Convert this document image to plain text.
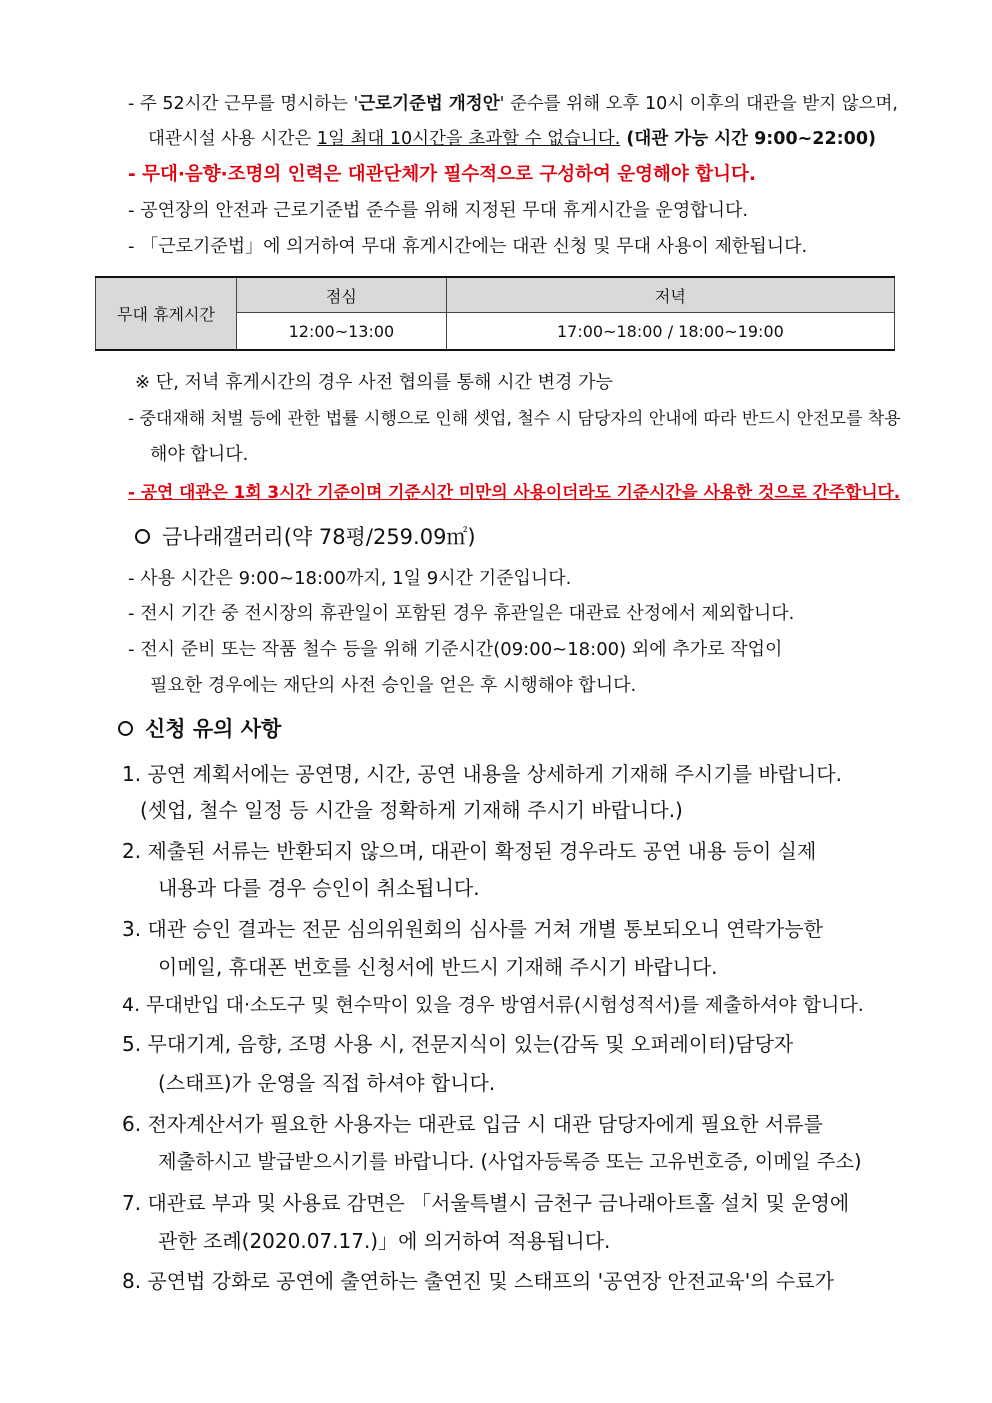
- 주 52시간 근무를 명시하는 '근로기준법 개정안' 준수를 위해 오후 10시 이후의 대관을 받지 않으며,
대관시설 사용 시간은 1일 최대 10시간을 초과할 수 없습니다. (대관 가능 시간 9:00~22:00)
- 무대·음향·조명의 인력은 대관단체가 필수적으로 구성하여 운영해야 합니다.
- 공연장의 안전과 근로기준법 준수를 위해 지정된 무대 휴게시간을 운영합니다.
- 「근로기준법」에 의거하여 무대 휴게시간에는 대관 신청 및 무대 사용이 제한됩니다.
무대 휴게시간	점심	저녁
	12:00~13:00	17:00~18:00 / 18:00~19:00
※ 단, 저녁 휴게시간의 경우 사전 협의를 통해 시간 변경 가능
- 중대재해 처벌 등에 관한 법률 시행으로 인해 셋업, 철수 시 담당자의 안내에 따라 반드시 안전모를 착용
해야 합니다.
- 공연 대관은 1회 3시간 기준이며 기준시간 미만의 사용이더라도 기준시간을 사용한 것으로 간주합니다.
금나래갤러리(약 78평/259.09㎡)
- 사용 시간은 9:00~18:00까지, 1일 9시간 기준입니다.
- 전시 기간 중 전시장의 휴관일이 포함된 경우 휴관일은 대관료 산정에서 제외합니다.
- 전시 준비 또는 작품 철수 등을 위해 기준시간(09:00~18:00) 외에 추가로 작업이
필요한 경우에는 재단의 사전 승인을 얻은 후 시행해야 합니다.
신청 유의 사항
1. 공연 계획서에는 공연명, 시간, 공연 내용을 상세하게 기재해 주시기를 바랍니다.
(셋업, 철수 일정 등 시간을 정확하게 기재해 주시기 바랍니다.)
2. 제출된 서류는 반환되지 않으며, 대관이 확정된 경우라도 공연 내용 등이 실제
내용과 다를 경우 승인이 취소됩니다.
3. 대관 승인 결과는 전문 심의위원회의 심사를 거쳐 개별 통보되오니 연락가능한
이메일, 휴대폰 번호를 신청서에 반드시 기재해 주시기 바랍니다.
4. 무대반입 대·소도구 및 현수막이 있을 경우 방염서류(시험성적서)를 제출하셔야 합니다.
5. 무대기계, 음향, 조명 사용 시, 전문지식이 있는(감독 및 오퍼레이터)담당자
(스태프)가 운영을 직접 하셔야 합니다.
6. 전자계산서가 필요한 사용자는 대관료 입금 시 대관 담당자에게 필요한 서류를
제출하시고 발급받으시기를 바랍니다. (사업자등록증 또는 고유번호증, 이메일 주소)
7. 대관료 부과 및 사용료 감면은 「서울특별시 금천구 금나래아트홀 설치 및 운영에
관한 조례(2020.07.17.)」에 의거하여 적용됩니다.
8. 공연법 강화로 공연에 출연하는 출연진 및 스태프의 '공연장 안전교육'의 수료가
